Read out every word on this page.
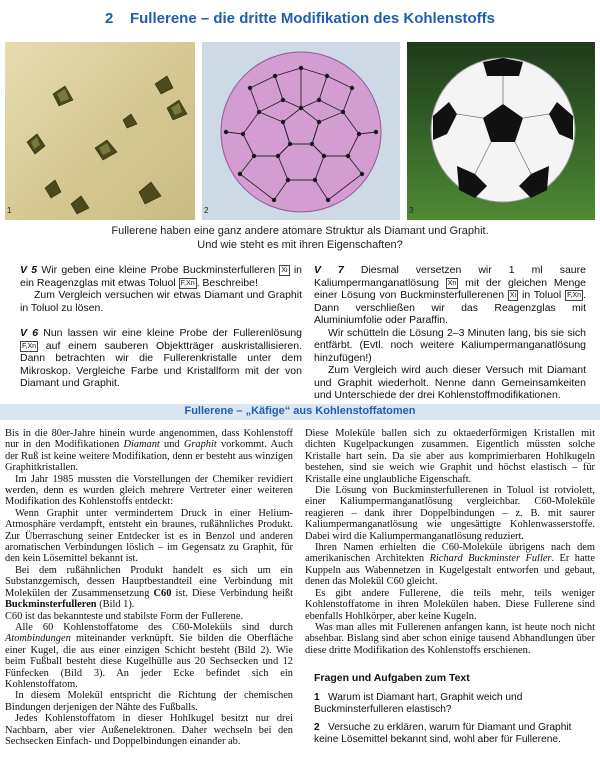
2 Fullerene – die dritte Modifikation des Kohlenstoffs
1	2	3
Fullerene haben eine ganz andere atomare Struktur als Diamant und Graphit.
Und wie steht es mit ihren Eigenschaften?
V 5 Wir geben eine kleine Probe Buckminsterfulleren Xi in ein Reagenzglas mit etwas Toluol F,Xn . Beschreibe!
Zum Vergleich versuchen wir etwas Diamant und Graphit in Toluol zu lösen.
V 6 Nun lassen wir eine kleine Probe der Fullerenlösung F,Xn auf einem sauberen Objektträger auskristallisieren. Dann betrachten wir die Fullerenkristalle unter dem Mikroskop. Vergleiche Farbe und Kristallform mit der von Diamant und Graphit.
V 7 Diesmal versetzen wir 1 ml saure Kaliumpermanganatlösung Xn mit der gleichen Menge einer Lösung von Buckminsterfullerenen Xi in Toluol F,Xn . Dann verschließen wir das Reagenzglas mit Aluminiumfolie oder Paraffin.
Wir schütteln die Lösung 2–3 Minuten lang, bis sie sich entfärbt. (Evtl. noch weitere Kaliumpermanganatlösung hinzufügen!)
Zum Vergleich wird auch dieser Versuch mit Diamant und Graphit wiederholt. Nenne dann Gemeinsamkeiten und Unterschiede der drei Kohlenstoffmodifikationen.
Fullerene – „Käfige“ aus Kohlenstoffatomen

Bis in die 80er-Jahre hinein wurde angenommen, dass Kohlenstoff nur in den Modifikationen Diamant und Graphit vorkommt. Auch der Ruß ist keine weitere Modifikation, denn er besteht aus winzigen Graphitkristallen.

Im Jahr 1985 mussten die Vorstellungen der Chemiker revidiert werden, denn es wurden gleich mehrere Vertreter einer weiteren Modifikation des Kohlenstoffs entdeckt:

Wenn Graphit unter vermindertem Druck in einer Helium-Atmosphäre verdampft, entsteht ein braunes, rußähnliches Produkt. Zur Überraschung seiner Entdecker ist es in Benzol und anderen aromatischen Verbindungen löslich – im Gegensatz zu Graphit, für den kein Lösemittel bekannt ist.

Bei dem rußähnlichen Produkt handelt es sich um ein Substanzgemisch, dessen Hauptbestandteil eine Verbindung mit Molekülen der Zusammensetzung C60 ist. Diese Verbindung heißt Buckminsterfulleren (Bild 1).

C60 ist das bekannteste und stabilste Form der Fullerene.

Alle 60 Kohlenstoffatome des C60-Moleküls sind durch Atombindungen miteinander verknüpft. Sie bilden die Oberfläche einer Kugel, die aus einer einzigen Schicht besteht (Bild 2). Wie beim Fußball besteht diese Kugelhülle aus 20 Sechsecken und 12 Fünfecken (Bild 3). An jeder Ecke befindet sich ein Kohlenstoffatom.

In diesem Molekül entspricht die Richtung der chemischen Bindungen derjenigen der Nähte des Fußballs.

Jedes Kohlenstoffatom in dieser Hohlkugel besitzt nur drei Nachbarn, aber vier Außenelektronen. Daher wechseln bei den Sechsecken Einfach- und Doppelbindungen einander ab.

Diese Moleküle ballen sich zu oktaederförmigen Kristallen mit dichten Kugelpackungen zusammen. Eigentlich müssten solche Kristalle hart sein. Da sie aber aus komprimierbaren Hohlkugeln bestehen, sind sie weich wie Graphit und höchst elastisch – für Kristalle eine unglaubliche Eigenschaft.

Die Lösung von Buckminsterfullerenen in Toluol ist rotviolett, einer Kaliumpermanganatlösung vergleichbar. C60-Moleküle reagieren – dank ihrer Doppelbindungen – z. B. mit saurer Kaliumpermanganatlösung wie ungesättigte Kohlenwasserstoffe. Dabei wird die Kaliumpermanganatlösung reduziert.

Ihren Namen erhielten die C60-Moleküle übrigens nach dem amerikanischen Architekten Richard Buckminster Fuller. Er hatte Kuppeln aus Wabennetzen in Kugelgestalt entworfen und gebaut, denen das Molekül C60 gleicht.

Es gibt andere Fullerene, die teils mehr, teils weniger Kohlenstoffatome in ihren Molekülen haben. Diese Fullerene sind ebenfalls Hohlkörper, aber keine Kugeln.

Was man alles mit Fullerenen anfangen kann, ist heute noch nicht absehbar. Bislang sind aber schon einige tausend Abhandlungen über diese dritte Modifikation des Kohlenstoffs erschienen.

Fragen und Aufgaben zum Text
1 Warum ist Diamant hart, Graphit weich und Buckminsterfulleren elastisch?
2 Versuche zu erklären, warum für Diamant und Graphit keine Lösemittel bekannt sind, wohl aber für Fullerene.
